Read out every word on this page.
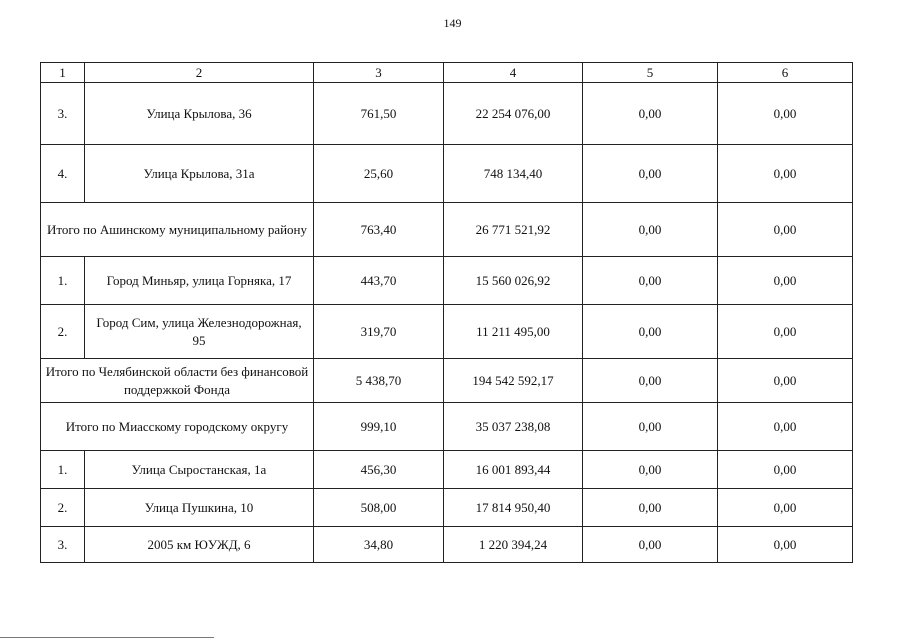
149
1	2	3	4	5	6
3.	Улица Крылова, 36	761,50	22 254 076,00	0,00	0,00
4.	Улица Крылова, 31а	25,60	748 134,40	0,00	0,00
Итого по Ашинскому муниципальному району		763,40	26 771 521,92	0,00	0,00
1.	Город Миньяр, улица Горняка, 17	443,70	15 560 026,92	0,00	0,00
2.	Город Сим, улица Железнодорожная, 95	319,70	11 211 495,00	0,00	0,00
Итого по Челябинской области без финансовой поддержкой Фонда		5 438,70	194 542 592,17	0,00	0,00
Итого по Миасскому городскому округу		999,10	35 037 238,08	0,00	0,00
1.	Улица Сыростанская, 1а	456,30	16 001 893,44	0,00	0,00
2.	Улица Пушкина, 10	508,00	17 814 950,40	0,00	0,00
3.	2005 км ЮУЖД, 6	34,80	1 220 394,24	0,00	0,00
